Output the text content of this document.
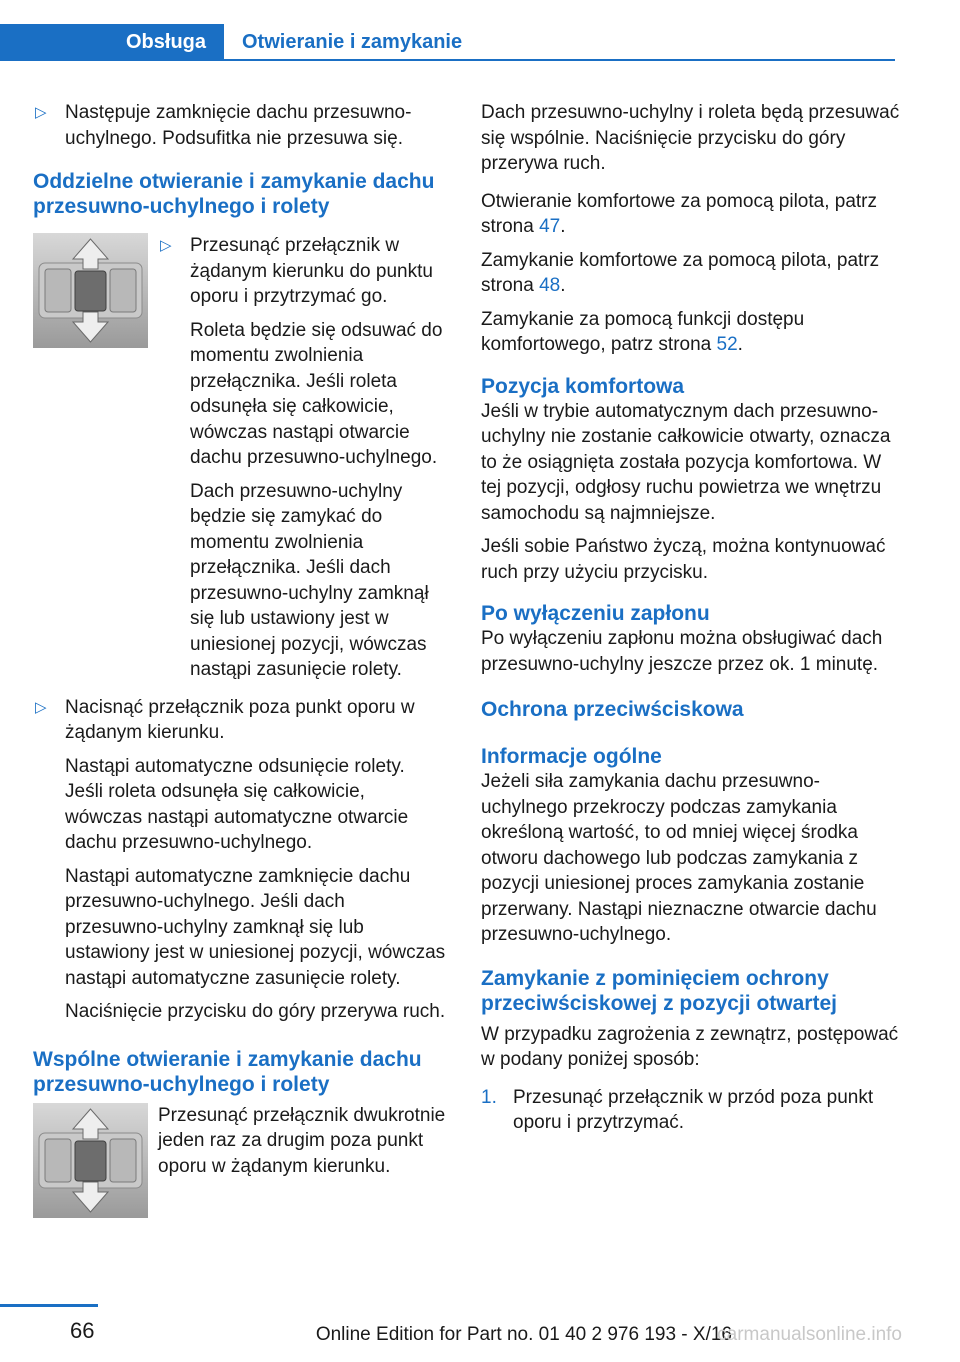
Obsługa	Otwieranie i zamykanie

▷ Następuje zamknięcie dachu przesuwno-uchylnego. Podsufitka nie przesuwa się.

Oddzielne otwieranie i zamykanie dachu przesuwno-uchylnego i rolety

▷ Przesunąć przełącznik w żądanym kierunku do punktu oporu i przytrzymać go.

Roleta będzie się odsuwać do momentu zwolnienia przełącznika. Jeśli roleta odsunęła się całkowicie, wówczas nastąpi otwarcie dachu przesuwno-uchylnego.

Dach przesuwno-uchylny będzie się zamykać do momentu zwolnienia przełącznika. Jeśli dach przesuwno-uchylny zamknął się lub ustawiony jest w uniesionej pozycji, wówczas nastąpi zasunięcie rolety.

▷ Nacisnąć przełącznik poza punkt oporu w żądanym kierunku.

Nastąpi automatyczne odsunięcie rolety. Jeśli roleta odsunęła się całkowicie, wówczas nastąpi automatyczne otwarcie dachu przesuwno-uchylnego.

Nastąpi automatyczne zamknięcie dachu przesuwno-uchylnego. Jeśli dach przesuwno-uchylny zamknął się lub ustawiony jest w uniesionej pozycji, wówczas nastąpi automatyczne zasunięcie rolety.

Naciśnięcie przycisku do góry przerywa ruch.

Wspólne otwieranie i zamykanie dachu przesuwno-uchylnego i rolety

Przesunąć przełącznik dwukrotnie jeden raz za drugim poza punkt oporu w żądanym kierunku.

Dach przesuwno-uchylny i roleta będą przesuwać się wspólnie. Naciśnięcie przycisku do góry przerywa ruch.

Otwieranie komfortowe za pomocą pilota, patrz strona 47.

Zamykanie komfortowe za pomocą pilota, patrz strona 48.

Zamykanie za pomocą funkcji dostępu komfortowego, patrz strona 52.

Pozycja komfortowa

Jeśli w trybie automatycznym dach przesuwno-uchylny nie zostanie całkowicie otwarty, oznacza to że osiągnięta została pozycja komfortowa. W tej pozycji, odgłosy ruchu powietrza we wnętrzu samochodu są najmniejsze.

Jeśli sobie Państwo życzą, można kontynuować ruch przy użyciu przycisku.

Po wyłączeniu zapłonu

Po wyłączeniu zapłonu można obsługiwać dach przesuwno-uchylny jeszcze przez ok. 1 minutę.

Ochrona przeciwściskowa

Informacje ogólne

Jeżeli siła zamykania dachu przesuwno-uchylnego przekroczy podczas zamykania określoną wartość, to od mniej więcej środka otworu dachowego lub podczas zamykania z pozycji uniesionej proces zamykania zostanie przerwany. Nastąpi nieznaczne otwarcie dachu przesuwno-uchylnego.

Zamykanie z pominięciem ochrony przeciwściskowej z pozycji otwartej

W przypadku zagrożenia z zewnątrz, postępować w podany poniżej sposób:

1. Przesunąć przełącznik w przód poza punkt oporu i przytrzymać.

66	Online Edition for Part no. 01 40 2 976 193 - X/16
carmanualsonline.info
